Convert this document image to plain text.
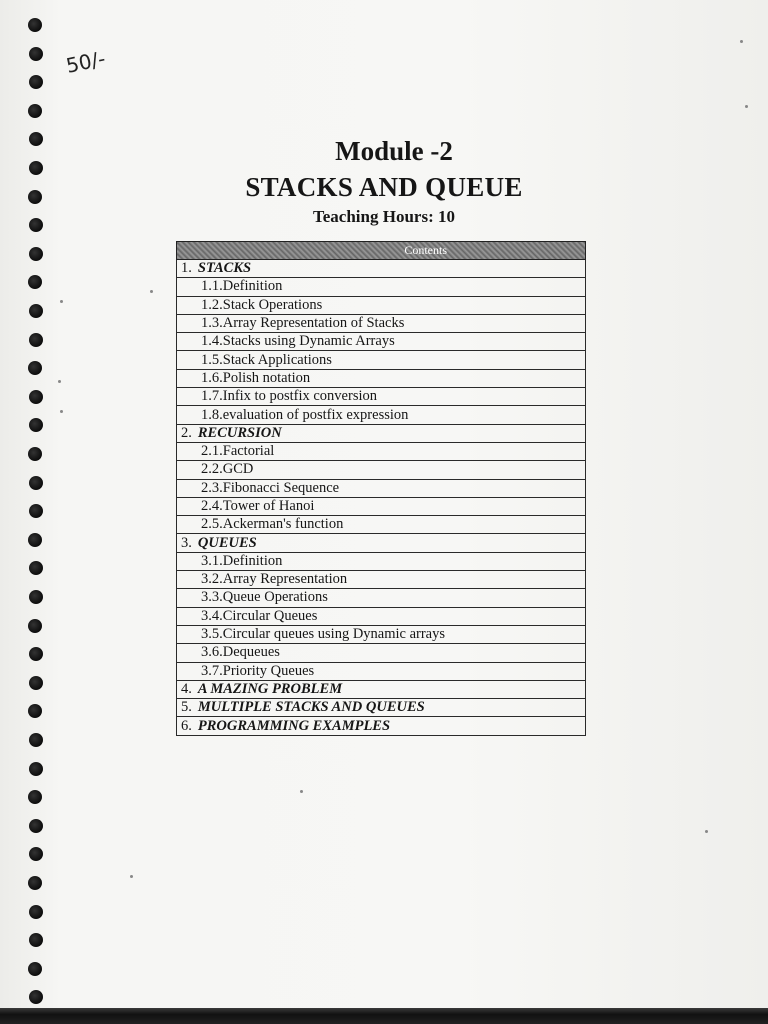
50/-
Module -2
STACKS AND QUEUE
Teaching Hours: 10
Contents
1. STACKS
1.1.Definition
1.2.Stack Operations
1.3.Array Representation of Stacks
1.4.Stacks using Dynamic Arrays
1.5.Stack Applications
1.6.Polish notation
1.7.Infix to postfix conversion
1.8.evaluation of postfix expression
2. RECURSION
2.1.Factorial
2.2.GCD
2.3.Fibonacci Sequence
2.4.Tower of Hanoi
2.5.Ackerman's function
3. QUEUES
3.1.Definition
3.2.Array Representation
3.3.Queue Operations
3.4.Circular Queues
3.5.Circular queues using Dynamic arrays
3.6.Dequeues
3.7.Priority Queues
4. A MAZING PROBLEM
5. MULTIPLE STACKS AND QUEUES
6. PROGRAMMING EXAMPLES
